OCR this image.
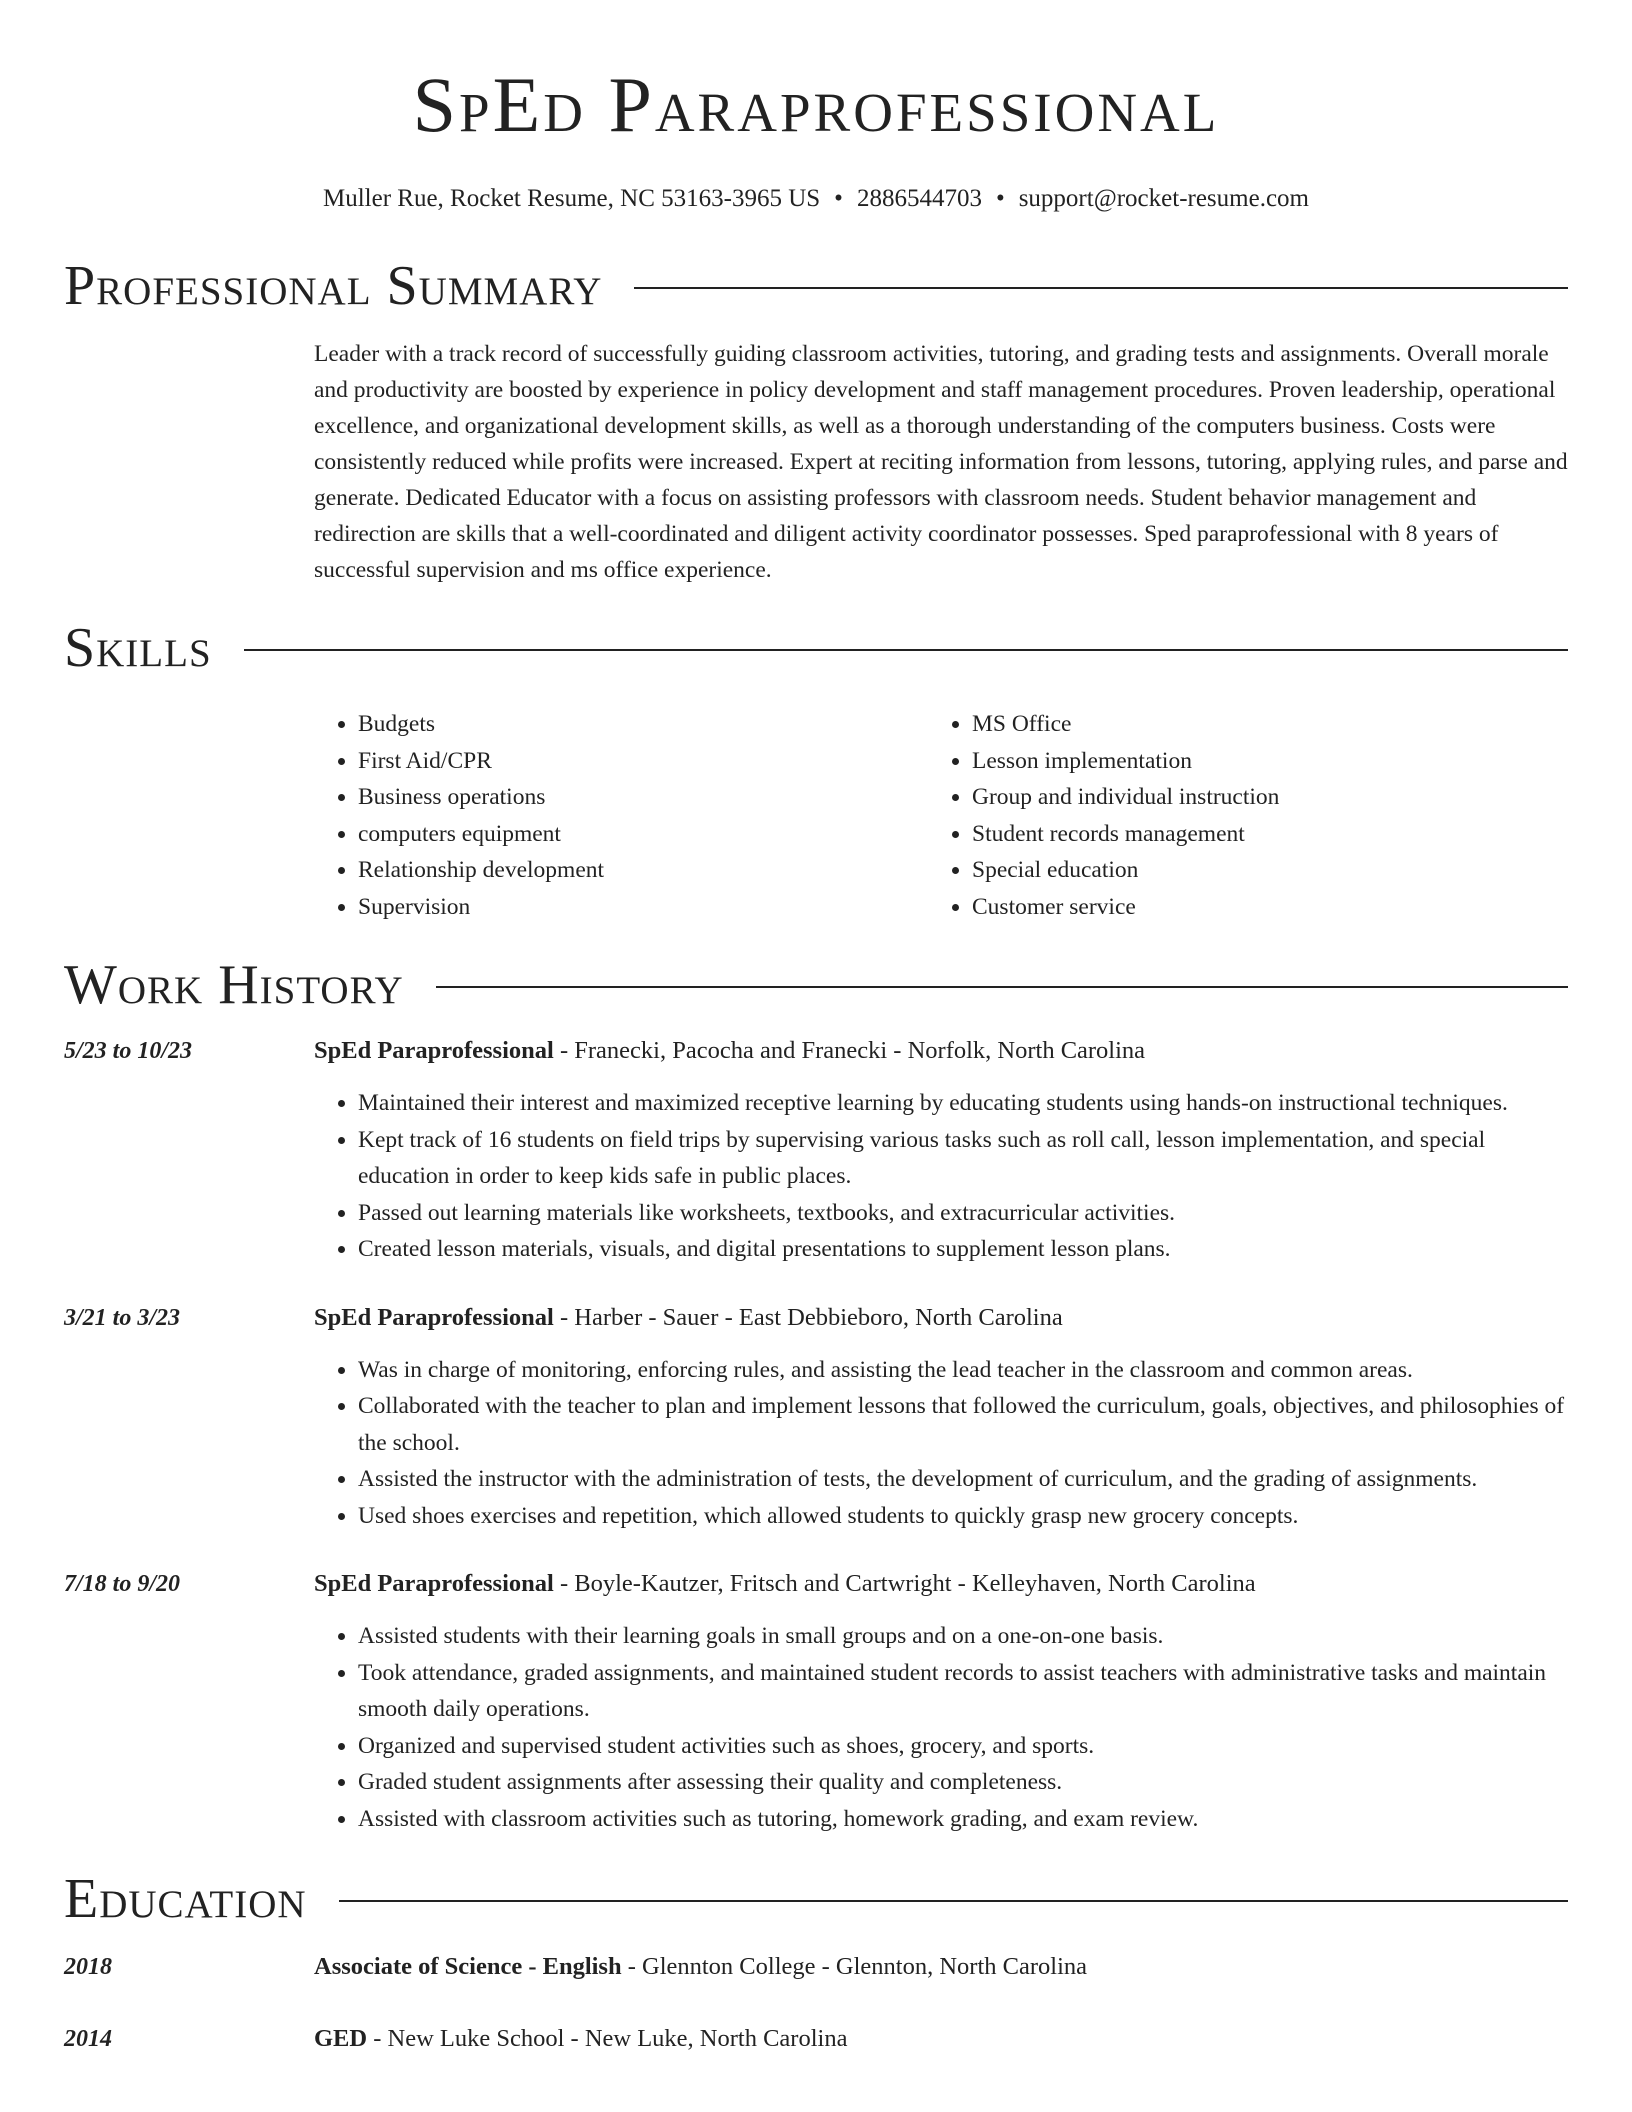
SpEd Paraprofessional
Muller Rue, Rocket Resume, NC 53163-3965 US • 2886544703 • support@rocket-resume.com
Professional Summary

Leader with a track record of successfully guiding classroom activities, tutoring, and grading tests and assignments. Overall morale and productivity are boosted by experience in policy development and staff management procedures. Proven leadership, operational excellence, and organizational development skills, as well as a thorough understanding of the computers business. Costs were consistently reduced while profits were increased. Expert at reciting information from lessons, tutoring, applying rules, and parse and generate. Dedicated Educator with a focus on assisting professors with classroom needs. Student behavior management and redirection are skills that a well-coordinated and diligent activity coordinator possesses. Sped paraprofessional with 8 years of successful supervision and ms office experience.

Skills
• Budgets
• First Aid/CPR
• Business operations
• computers equipment
• Relationship development
• Supervision
• MS Office
• Lesson implementation
• Group and individual instruction
• Student records management
• Special education
• Customer service
Work History
5/23 to 10/23	SpEd Paraprofessional - Franecki, Pacocha and Franecki - Norfolk, North Carolina
• Maintained their interest and maximized receptive learning by educating students using hands-on instructional techniques.
• Kept track of 16 students on field trips by supervising various tasks such as roll call, lesson implementation, and special education in order to keep kids safe in public places.
• Passed out learning materials like worksheets, textbooks, and extracurricular activities.
• Created lesson materials, visuals, and digital presentations to supplement lesson plans.
3/21 to 3/23	SpEd Paraprofessional - Harber - Sauer - East Debbieboro, North Carolina
• Was in charge of monitoring, enforcing rules, and assisting the lead teacher in the classroom and common areas.
• Collaborated with the teacher to plan and implement lessons that followed the curriculum, goals, objectives, and philosophies of the school.
• Assisted the instructor with the administration of tests, the development of curriculum, and the grading of assignments.
• Used shoes exercises and repetition, which allowed students to quickly grasp new grocery concepts.
7/18 to 9/20	SpEd Paraprofessional - Boyle-Kautzer, Fritsch and Cartwright - Kelleyhaven, North Carolina
• Assisted students with their learning goals in small groups and on a one-on-one basis.
• Took attendance, graded assignments, and maintained student records to assist teachers with administrative tasks and maintain smooth daily operations.
• Organized and supervised student activities such as shoes, grocery, and sports.
• Graded student assignments after assessing their quality and completeness.
• Assisted with classroom activities such as tutoring, homework grading, and exam review.
Education
2018	Associate of Science - English - Glennton College - Glennton, North Carolina
2014	GED - New Luke School - New Luke, North Carolina
